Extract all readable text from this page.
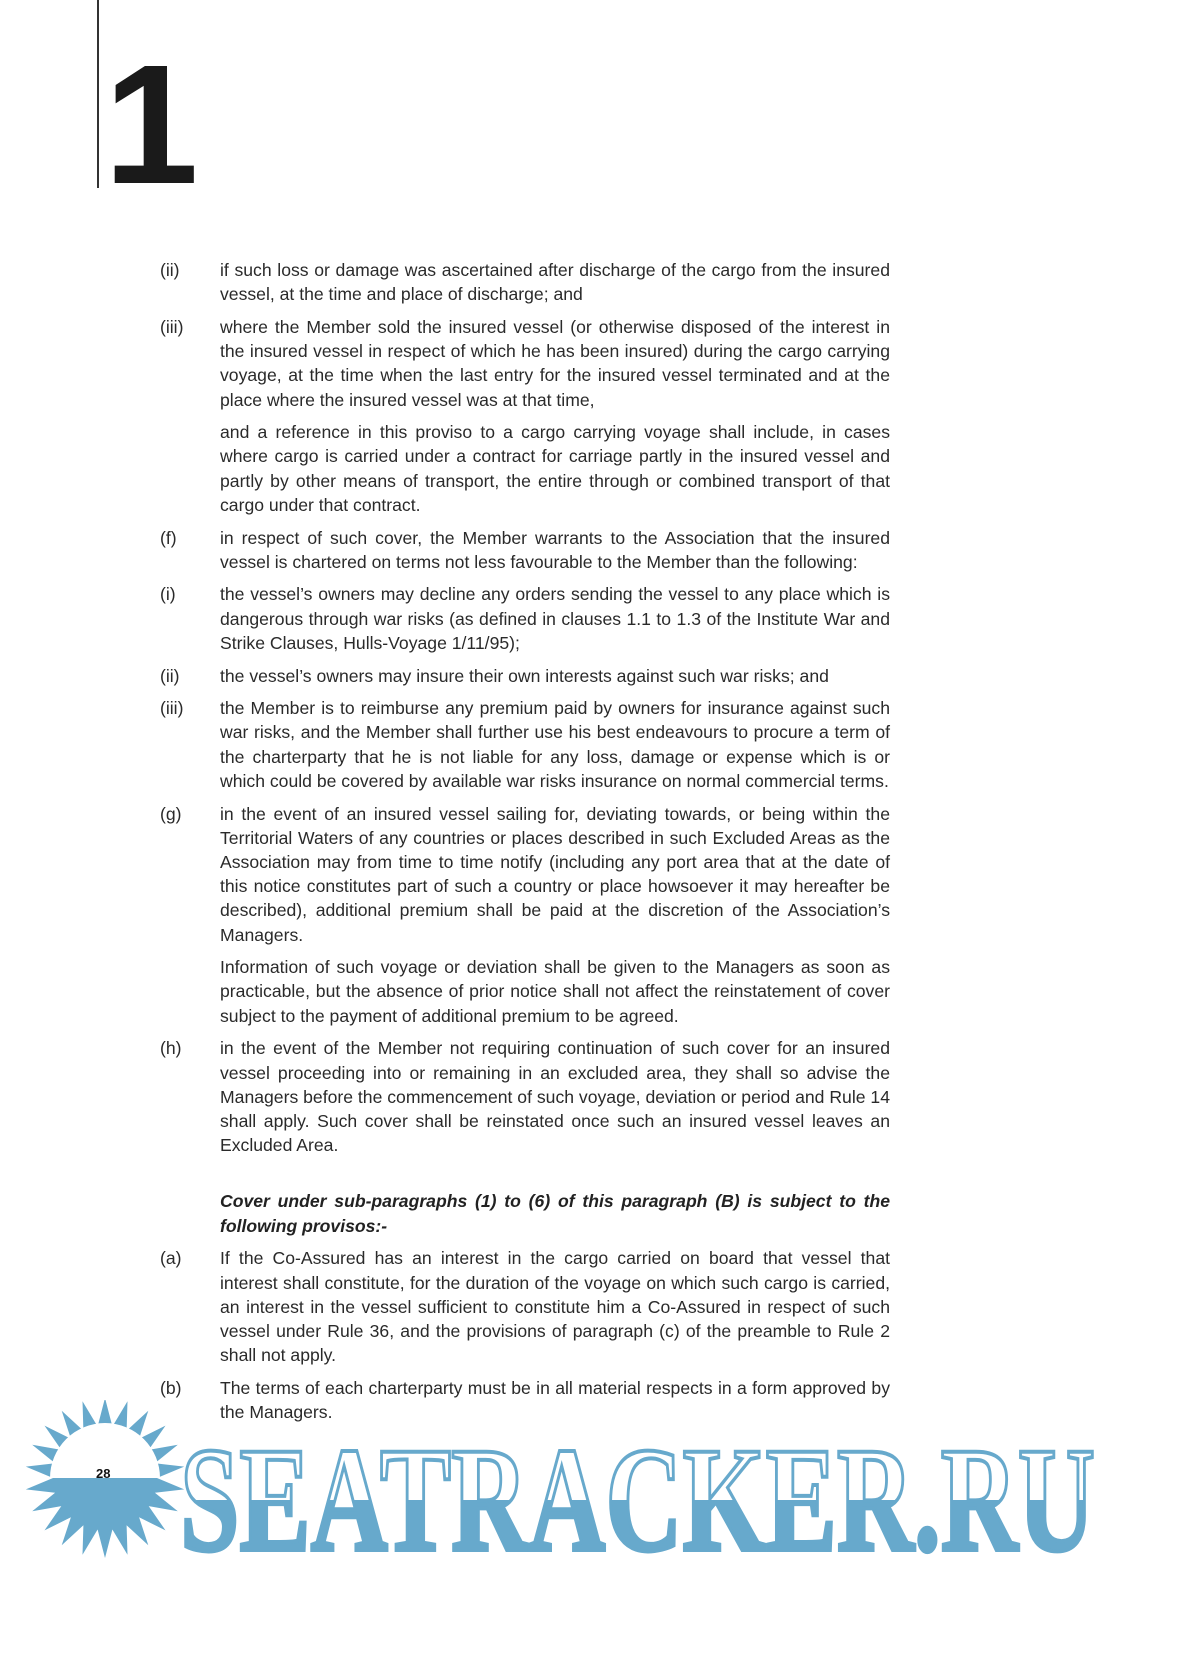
1
(ii)	if such loss or damage was ascertained after discharge of the cargo from the insured vessel, at the time and place of discharge; and
(iii)	where the Member sold the insured vessel (or otherwise disposed of the interest in the insured vessel in respect of which he has been insured) during the cargo carrying voyage, at the time when the last entry for the insured vessel terminated and at the place where the insured vessel was at that time,
and a reference in this proviso to a cargo carrying voyage shall include, in cases where cargo is carried under a contract for carriage partly in the insured vessel and partly by other means of transport, the entire through or combined transport of that cargo under that contract.
(f)	in respect of such cover, the Member warrants to the Association that the insured vessel is chartered on terms not less favourable to the Member than the following:
(i)	the vessel’s owners may decline any orders sending the vessel to any place which is dangerous through war risks (as defined in clauses 1.1 to 1.3 of the Institute War and Strike Clauses, Hulls-Voyage 1/11/95);
(ii)	the vessel’s owners may insure their own interests against such war risks; and
(iii)	the Member is to reimburse any premium paid by owners for insurance against such war risks, and the Member shall further use his best endeavours to procure a term of the charterparty that he is not liable for any loss, damage or expense which is or which could be covered by available war risks insurance on normal commercial terms.
(g)	in the event of an insured vessel sailing for, deviating towards, or being within the Territorial Waters of any countries or places described in such Excluded Areas as the Association may from time to time notify (including any port area that at the date of this notice constitutes part of such a country or place howsoever it may hereafter be described), additional premium shall be paid at the discretion of the Association’s Managers.
Information of such voyage or deviation shall be given to the Managers as soon as practicable, but the absence of prior notice shall not affect the reinstatement of cover subject to the payment of additional premium to be agreed.
(h)	in the event of the Member not requiring continuation of such cover for an insured vessel proceeding into or remaining in an excluded area, they shall so advise the Managers before the commencement of such voyage, deviation or period and Rule 14 shall apply. Such cover shall be reinstated once such an insured vessel leaves an Excluded Area.
Cover under sub-paragraphs (1) to (6) of this paragraph (B) is subject to the following provisos:-
(a)	If the Co-Assured has an interest in the cargo carried on board that vessel that interest shall constitute, for the duration of the voyage on which such cargo is carried, an interest in the vessel sufficient to constitute him a Co-Assured in respect of such vessel under Rule 36, and the provisions of paragraph (c) of the preamble to Rule 2 shall not apply.
(b)	The terms of each charterparty must be in all material respects in a form approved by the Managers.
SEATRACKER.RU
28
